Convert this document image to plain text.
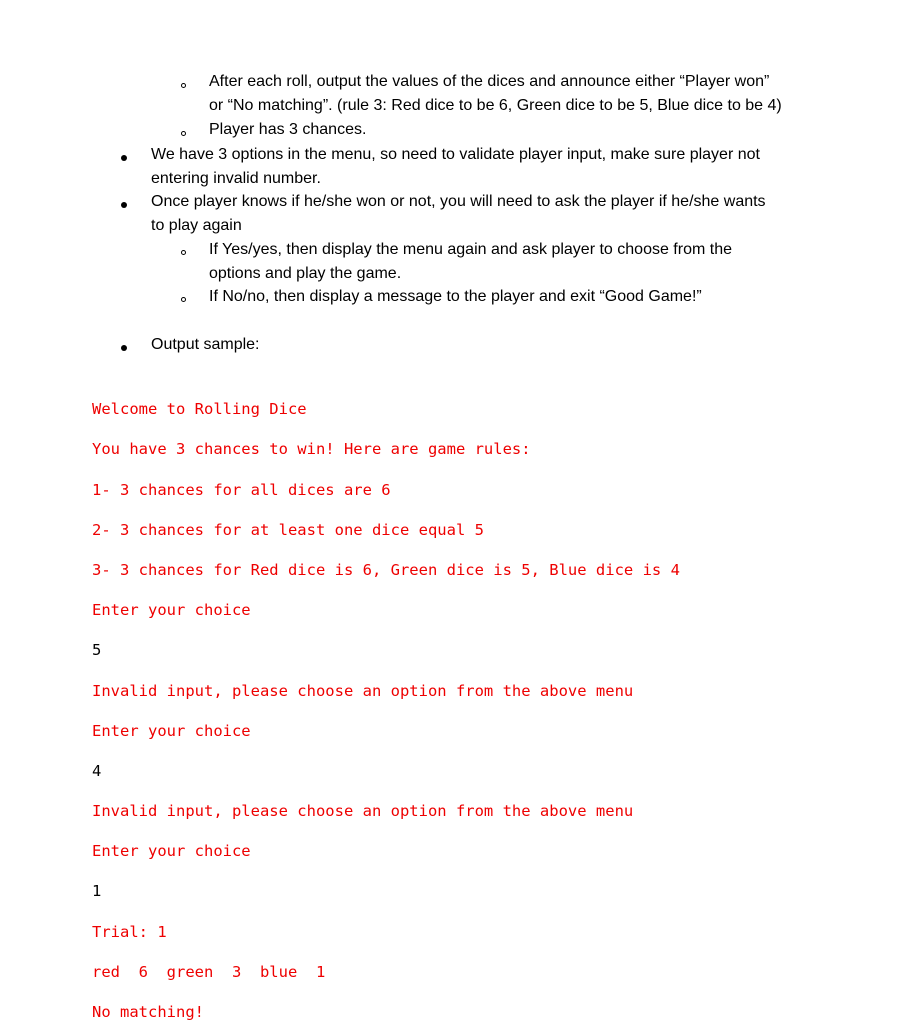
After each roll, output the values of the dices and announce either “Player won”
or “No matching”. (rule 3: Red dice to be 6, Green dice to be 5, Blue dice to be 4)
Player has 3 chances.
We have 3 options in the menu, so need to validate player input, make sure player not
entering invalid number.
Once player knows if he/she won or not, you will need to ask the player if he/she wants
to play again
If Yes/yes, then display the menu again and ask player to choose from the
options and play the game.
If No/no, then display a message to the player and exit “Good Game!”
Output sample:
Welcome to Rolling Dice
You have 3 chances to win! Here are game rules:
1- 3 chances for all dices are 6
2- 3 chances for at least one dice equal 5
3- 3 chances for Red dice is 6, Green dice is 5, Blue dice is 4
Enter your choice
5
Invalid input, please choose an option from the above menu
Enter your choice
4
Invalid input, please choose an option from the above menu
Enter your choice
1
Trial: 1
red  6  green  3  blue  1
No matching!
